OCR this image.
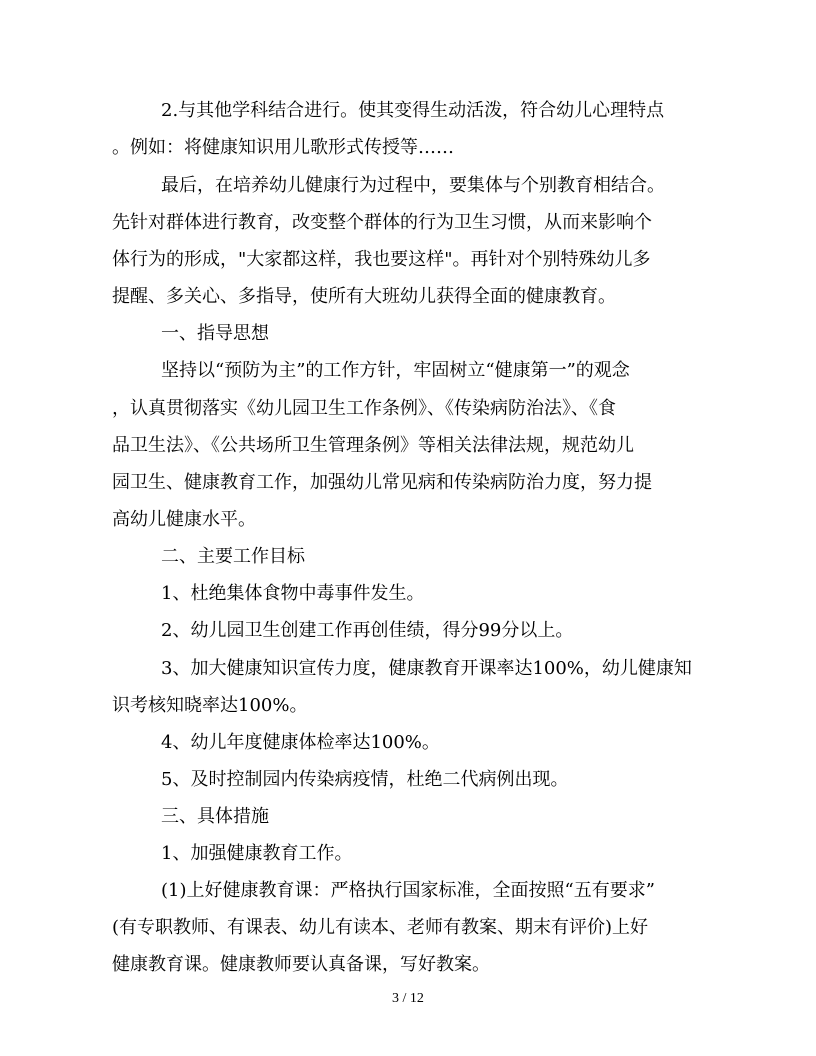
2.与其他学科结合进行。使其变得生动活泼，符合幼儿心理特点
。例如：将健康知识用儿歌形式传授等……
最后，在培养幼儿健康行为过程中，要集体与个别教育相结合。
先针对群体进行教育，改变整个群体的行为卫生习惯，从而来影响个
体行为的形成，"大家都这样，我也要这样"。再针对个别特殊幼儿多
提醒、多关心、多指导，使所有大班幼儿获得全面的健康教育。
一、指导思想
坚持以“预防为主”的工作方针，牢固树立“健康第一”的观念
，认真贯彻落实《幼儿园卫生工作条例》、《传染病防治法》、《食
品卫生法》、《公共场所卫生管理条例》等相关法律法规，规范幼儿
园卫生、健康教育工作，加强幼儿常见病和传染病防治力度，努力提
高幼儿健康水平。
二、主要工作目标
1、杜绝集体食物中毒事件发生。
2、幼儿园卫生创建工作再创佳绩，得分99分以上。
3、加大健康知识宣传力度，健康教育开课率达100%，幼儿健康知
识考核知晓率达100%。
4、幼儿年度健康体检率达100%。
5、及时控制园内传染病疫情，杜绝二代病例出现。
三、具体措施
1、加强健康教育工作。
(1)上好健康教育课：严格执行国家标准，全面按照“五有要求”
(有专职教师、有课表、幼儿有读本、老师有教案、期末有评价)上好
健康教育课。健康教师要认真备课，写好教案。
3 / 12
